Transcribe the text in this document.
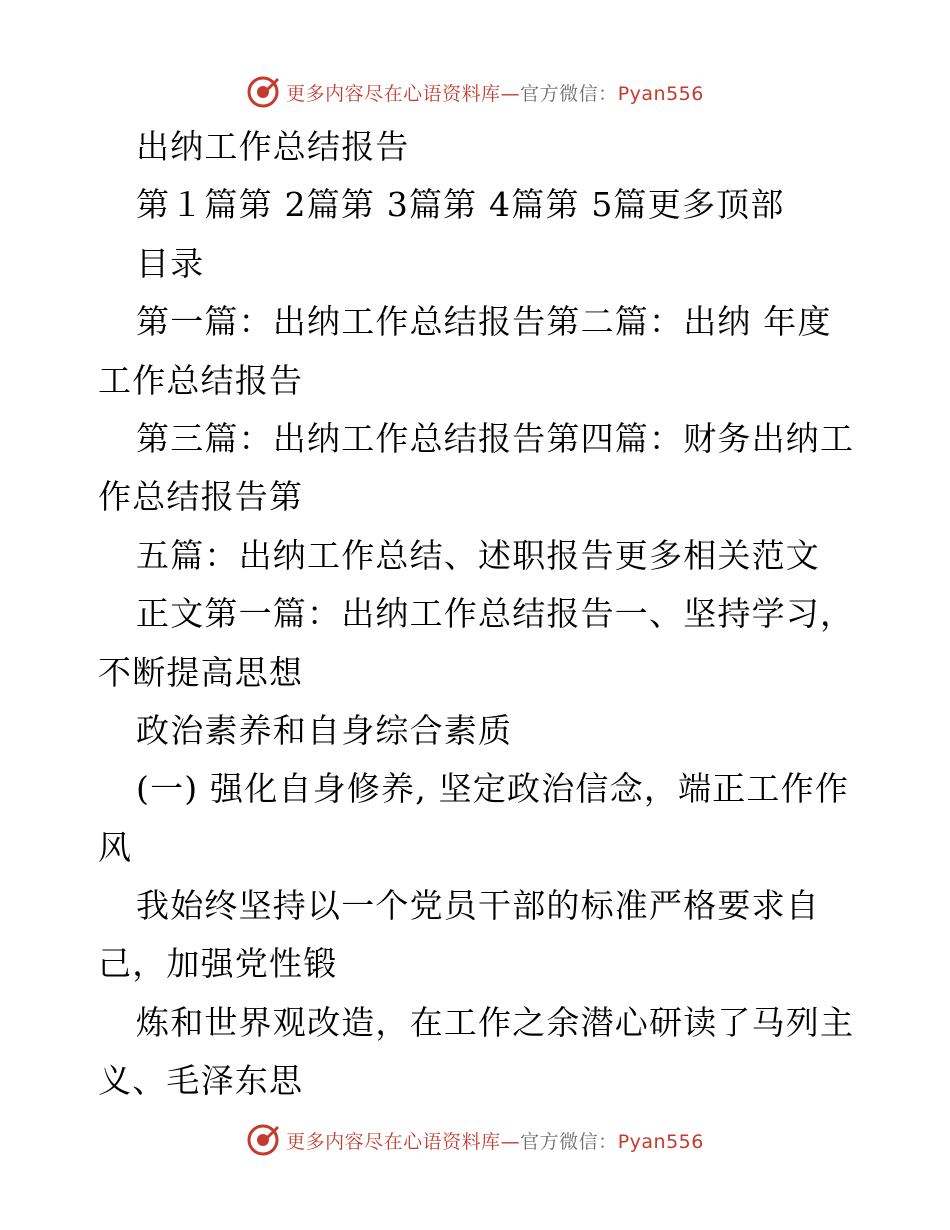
更多内容尽在心语资料库—官方微信：Pyan556
出纳工作总结报告
第１篇第 2篇第 3篇第 4篇第 5篇更多顶部
目录
第一篇：出纳工作总结报告第二篇：出纳 年度
工作总结报告
第三篇：出纳工作总结报告第四篇：财务出纳工
作总结报告第
五篇：出纳工作总结、述职报告更多相关范文
正文第一篇：出纳工作总结报告一、坚持学习，
不断提高思想
政治素养和自身综合素质
(一) 强化自身修养, 坚定政治信念，端正工作作
风
我始终坚持以一个党员干部的标准严格要求自
己，加强党性锻
炼和世界观改造，在工作之余潜心研读了马列主
义、毛泽东思
更多内容尽在心语资料库—官方微信：Pyan556
